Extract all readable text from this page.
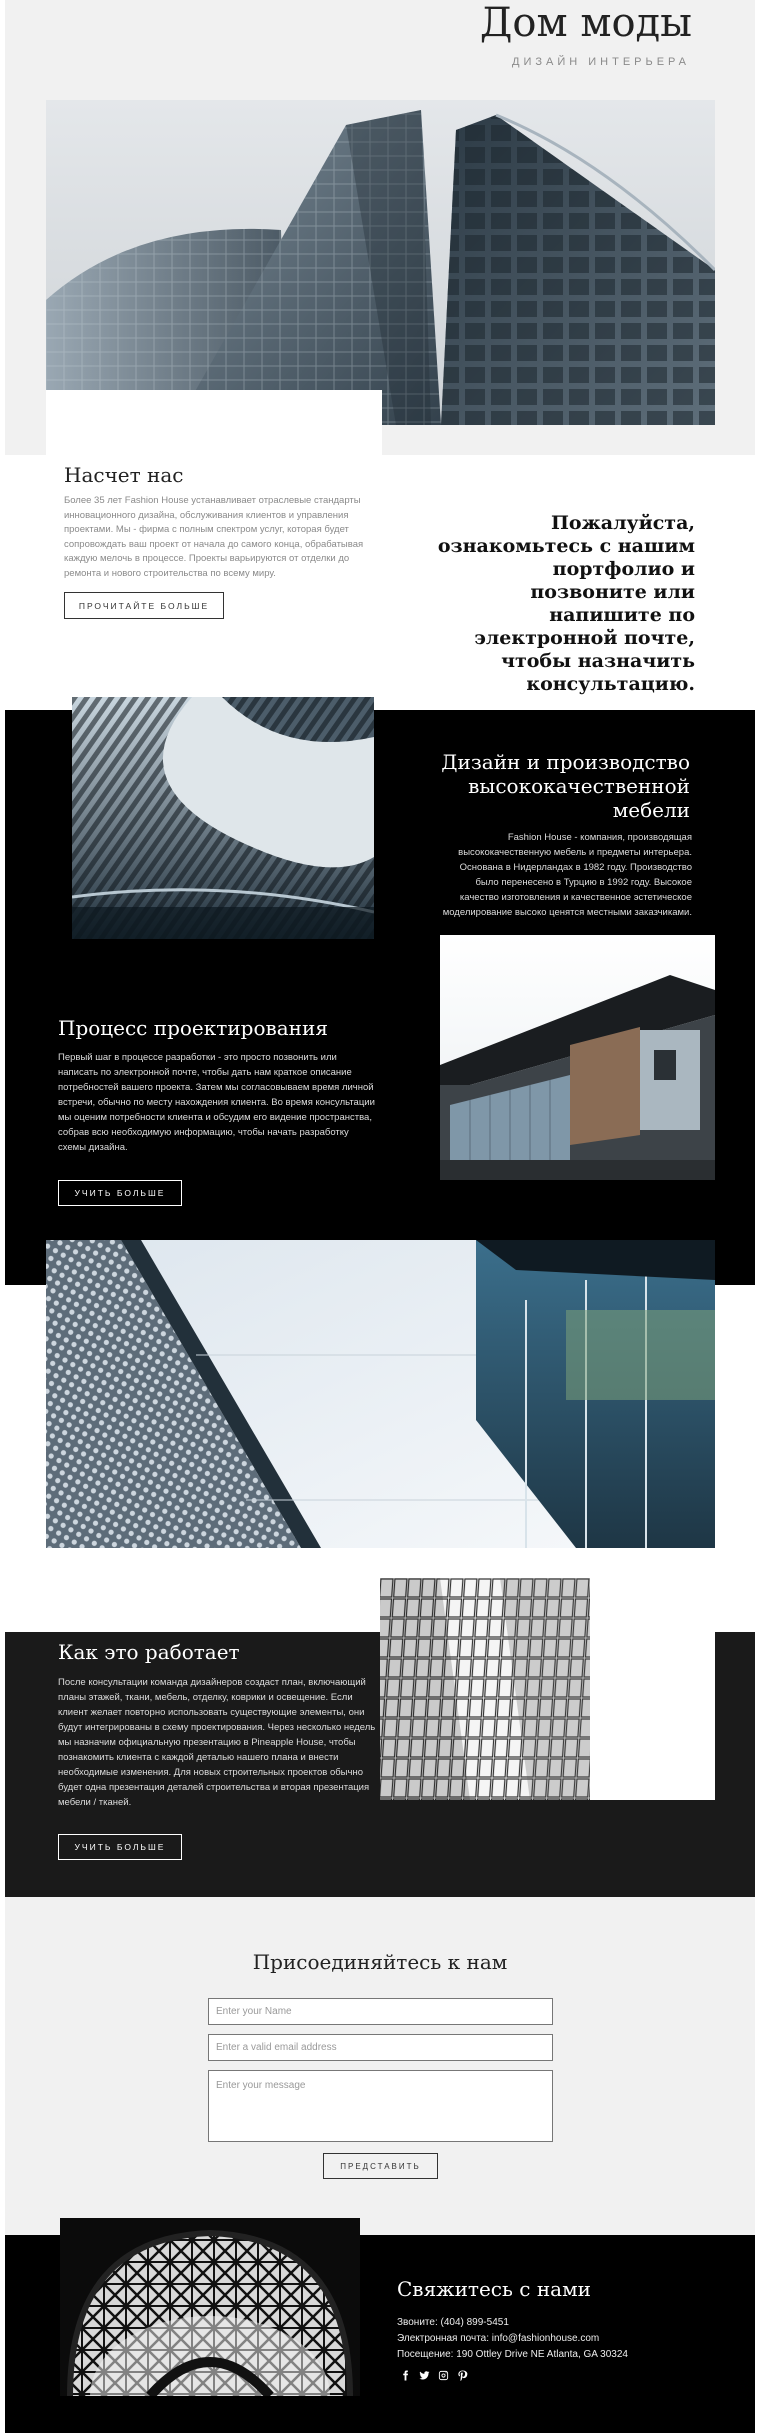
Дом моды
ДИЗАЙН ИНТЕРЬЕРА
Насчет нас
Более 35 лет Fashion House устанавливает отраслевые стандарты инновационного дизайна, обслуживания клиентов и управления проектами. Мы - фирма с полным спектром услуг, которая будет сопровождать ваш проект от начала до самого конца, обрабатывая каждую мелочь в процессе. Проекты варьируются от отделки до ремонта и нового строительства по всему миру.
ПРОЧИТАЙТЕ БОЛЬШЕ
Пожалуйста, ознакомьтесь с нашим портфолио и позвоните или напишите по электронной почте, чтобы назначить консультацию.
Дизайн и производство высококачественной мебели
Fashion House - компания, производящая высококачественную мебель и предметы интерьера. Основана в Нидерландах в 1982 году. Производство было перенесено в Турцию в 1992 году. Высокое качество изготовления и качественное эстетическое моделирование высоко ценятся местными заказчиками.
Процесс проектирования
Первый шаг в процессе разработки - это просто позвонить или написать по электронной почте, чтобы дать нам краткое описание потребностей вашего проекта. Затем мы согласовываем время личной встречи, обычно по месту нахождения клиента. Во время консультации мы оценим потребности клиента и обсудим его видение пространства, собрав всю необходимую информацию, чтобы начать разработку схемы дизайна.
УЧИТЬ БОЛЬШЕ
Как это работает
После консультации команда дизайнеров создаст план, включающий планы этажей, ткани, мебель, отделку, коврики и освещение. Если клиент желает повторно использовать существующие элементы, они будут интегрированы в схему проектирования. Через несколько недель мы назначим официальную презентацию в Pineapple House, чтобы познакомить клиента с каждой деталью нашего плана и внести необходимые изменения. Для новых строительных проектов обычно будет одна презентация деталей строительства и вторая презентация мебели / тканей.
УЧИТЬ БОЛЬШЕ
Присоединяйтесь к нам
Enter your Name
Enter a valid email address
Enter your message
ПРЕДСТАВИТЬ
Свяжитесь с нами
Звоните: (404) 899-5451
Электронная почта: info@fashionhouse.com
Посещение: 190 Ottley Drive NE Atlanta, GA 30324
